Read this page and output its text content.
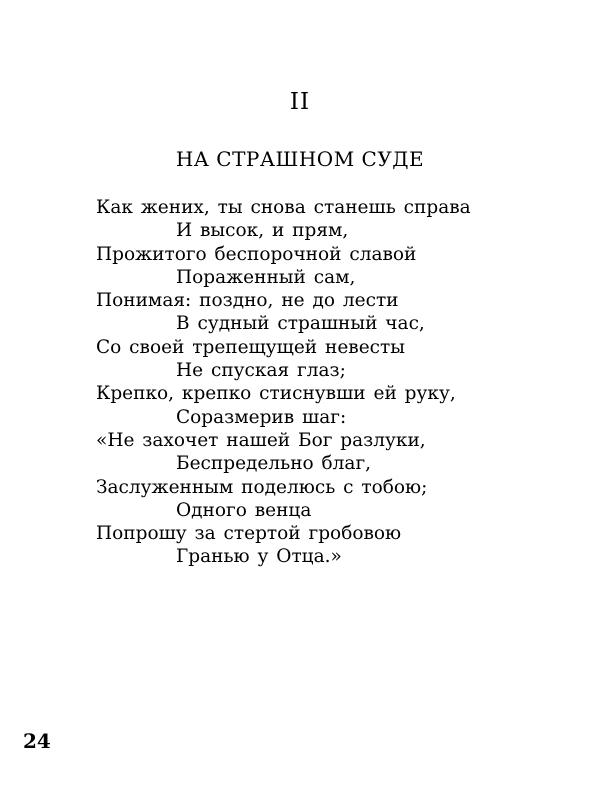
II
НА СТРАШНОМ СУДЕ
Как жених, ты снова станешь справа
И высок, и прям,
Прожитого беспорочной славой
Пораженный сам,
Понимая: поздно, не до лести
В судный страшный час,
Со своей трепещущей невесты
Не спуская глаз;
Крепко, крепко стиснувши ей руку,
Соразмерив шаг:
«Не захочет нашей Бог разлуки,
Беспредельно благ,
Заслуженным поделюсь с тобою;
Одного венца
Попрошу за стертой гробовою
Гранью у Отца.»
24
